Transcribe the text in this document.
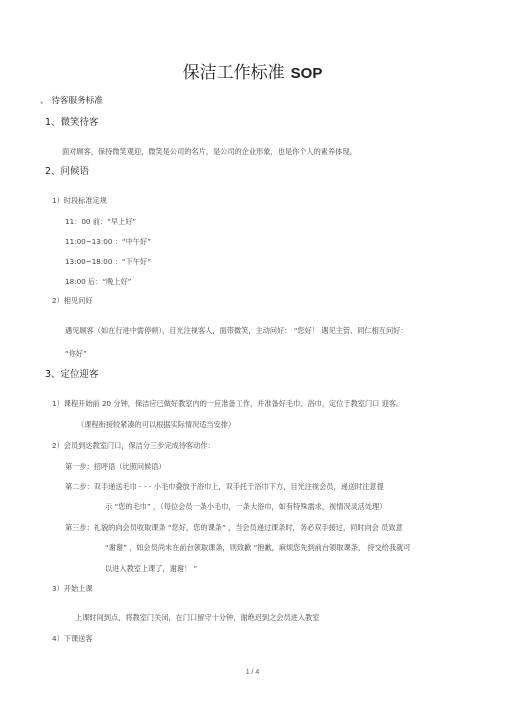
保洁工作标准 SOP
、 待客服务标准
1、微笑待客
面对顾客，保持微笑观迎，微笑是公司的名片，是公司的企业形象，也是你个人的素养体现。
2、问候语
1）时段标准定规
11：00 前：“早上好”
11:00~13:00 ：“中午好”
13:00~18:00 ：“下午好”
18:00 后：“晚上好”
2）相见问好
遇见顾客（如在行进中需停顿），目光注视客人，面带微笑，主动问好： “您好！ 遇见主管、同仁相互问好：
“你好”
3、定位迎客
1）课程开始前 20 分钟，保洁应已做好教室内的一应准备工作，并准备好毛巾、浴巾，定位于教室门口 迎客。
（课程衔接较紧凑的可以根据实际情况适当安排）
2）会员到达教室门口，保洁分三步完成待客动作：
第一步：招呼语（比照问候语）
第二步：双手递送毛巾 - - - 小毛巾叠放于浴巾上，双手托于浴巾下方，目光注视会员，递送时注意提
示 “您的毛巾” ，（每位会员一条小毛巾，一条大浴巾，如有特殊需求，视情况灵活处理）
第三步：礼貌的向会员收取课条 “您好，您的课条” ，当会员递过课条时，务必双手接过，同时向会 员致意
“谢谢” ，如会员尚未在前台领取课条，则致歉 “抱歉，麻烦您先到前台领取课条， 持交给我就可
以进入教室上课了，谢谢！ ”
3）开始上课
上课时间到点，将教室门关闭，在门口留守十分钟，谢绝迟到之会员进入教室
4）下课送客
1 / 4
